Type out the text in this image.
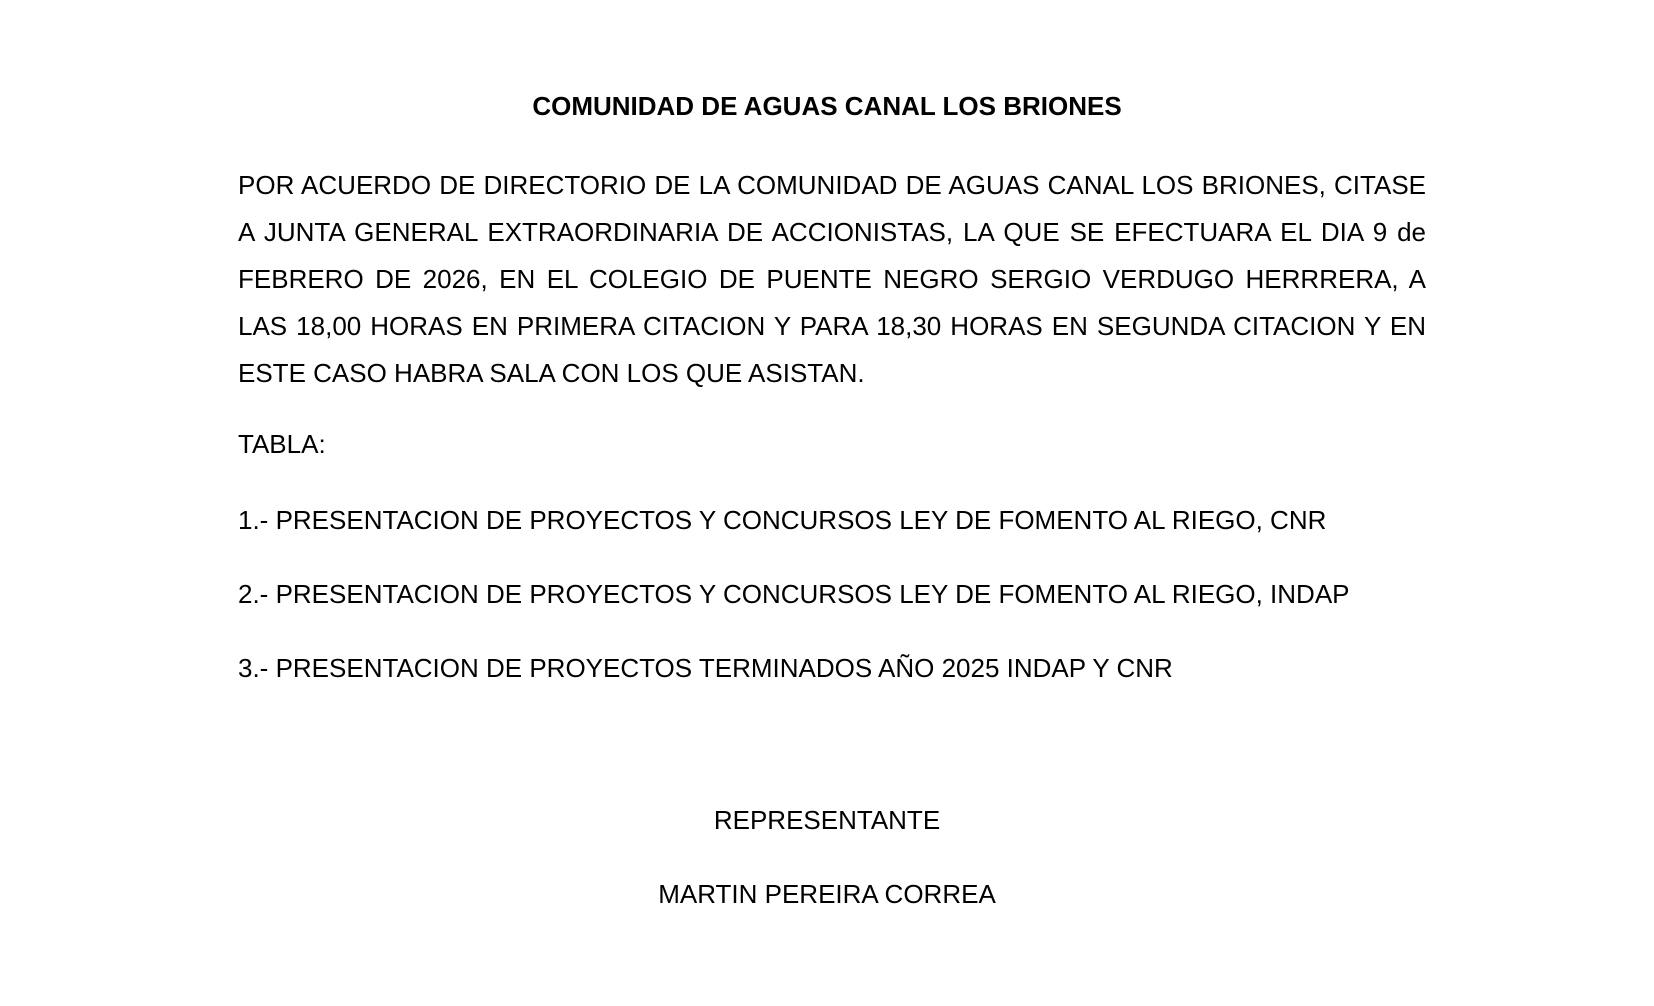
COMUNIDAD DE AGUAS CANAL LOS BRIONES
POR ACUERDO DE DIRECTORIO DE LA COMUNIDAD DE AGUAS CANAL LOS BRIONES, CITASE A JUNTA GENERAL EXTRAORDINARIA DE ACCIONISTAS, LA QUE SE EFECTUARA EL DIA 9 de FEBRERO DE 2026, EN EL COLEGIO DE PUENTE NEGRO SERGIO VERDUGO HERRRERA, A LAS 18,00 HORAS EN PRIMERA CITACION Y PARA 18,30 HORAS EN SEGUNDA CITACION Y EN ESTE CASO HABRA SALA CON LOS QUE ASISTAN.
TABLA:
1.- PRESENTACION DE PROYECTOS Y CONCURSOS LEY DE FOMENTO AL RIEGO, CNR
2.- PRESENTACION DE PROYECTOS Y CONCURSOS LEY DE FOMENTO AL RIEGO, INDAP
3.- PRESENTACION DE PROYECTOS TERMINADOS AÑO 2025 INDAP Y CNR
REPRESENTANTE
MARTIN PEREIRA CORREA
